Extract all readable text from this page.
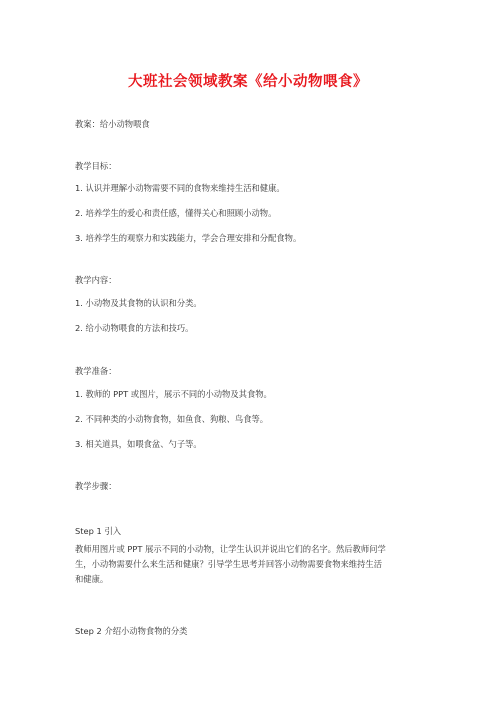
大班社会领域教案《给小动物喂食》
教案：给小动物喂食
教学目标：
1. 认识并理解小动物需要不同的食物来维持生活和健康。
2. 培养学生的爱心和责任感，懂得关心和照顾小动物。
3. 培养学生的观察力和实践能力，学会合理安排和分配食物。
教学内容：
1. 小动物及其食物的认识和分类。
2. 给小动物喂食的方法和技巧。
教学准备：
1. 教师的 PPT 或图片，展示不同的小动物及其食物。
2. 不同种类的小动物食物，如鱼食、狗粮、鸟食等。
3. 相关道具，如喂食盆、勺子等。
教学步骤：
Step 1 引入
教师用图片或 PPT 展示不同的小动物，让学生认识并说出它们的名字。然后教师问学
生，小动物需要什么来生活和健康？引导学生思考并回答小动物需要食物来维持生活
和健康。
Step 2 介绍小动物食物的分类
